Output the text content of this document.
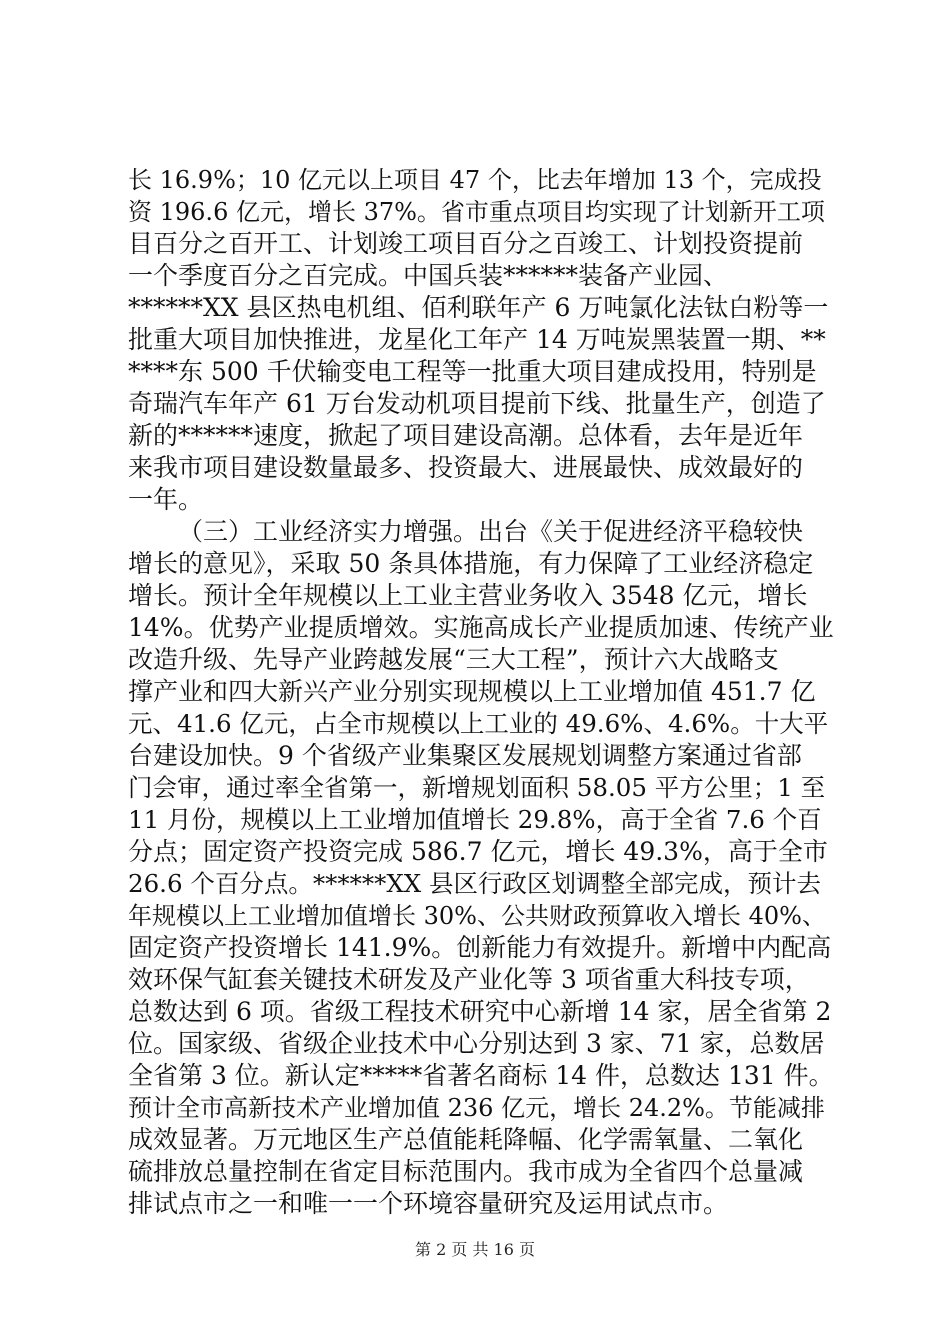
长 16.9%；10 亿元以上项目 47 个，比去年增加 13 个，完成投
资 196.6 亿元，增长 37%。省市重点项目均实现了计划新开工项
目百分之百开工、计划竣工项目百分之百竣工、计划投资提前
一个季度百分之百完成。中国兵装******装备产业园、
******XX 县区热电机组、佰利联年产 6 万吨氯化法钛白粉等一
批重大项目加快推进，龙星化工年产 14 万吨炭黑装置一期、**
****东 500 千伏输变电工程等一批重大项目建成投用，特别是
奇瑞汽车年产 61 万台发动机项目提前下线、批量生产，创造了
新的******速度，掀起了项目建设高潮。总体看，去年是近年
来我市项目建设数量最多、投资最大、进展最快、成效最好的
一年。
（三）工业经济实力增强。出台《关于促进经济平稳较快
增长的意见》，采取 50 条具体措施，有力保障了工业经济稳定
增长。预计全年规模以上工业主营业务收入 3548 亿元，增长
14%。优势产业提质增效。实施高成长产业提质加速、传统产业
改造升级、先导产业跨越发展“三大工程”，预计六大战略支
撑产业和四大新兴产业分别实现规模以上工业增加值 451.7 亿
元、41.6 亿元，占全市规模以上工业的 49.6%、4.6%。十大平
台建设加快。9 个省级产业集聚区发展规划调整方案通过省部
门会审，通过率全省第一，新增规划面积 58.05 平方公里；1 至
11 月份，规模以上工业增加值增长 29.8%，高于全省 7.6 个百
分点；固定资产投资完成 586.7 亿元，增长 49.3%，高于全市
26.6 个百分点。******XX 县区行政区划调整全部完成，预计去
年规模以上工业增加值增长 30%、公共财政预算收入增长 40%、
固定资产投资增长 141.9%。创新能力有效提升。新增中内配高
效环保气缸套关键技术研发及产业化等 3 项省重大科技专项，
总数达到 6 项。省级工程技术研究中心新增 14 家，居全省第 2
位。国家级、省级企业技术中心分别达到 3 家、71 家，总数居
全省第 3 位。新认定*****省著名商标 14 件，总数达 131 件。
预计全市高新技术产业增加值 236 亿元，增长 24.2%。节能减排
成效显著。万元地区生产总值能耗降幅、化学需氧量、二氧化
硫排放总量控制在省定目标范围内。我市成为全省四个总量减
排试点市之一和唯一一个环境容量研究及运用试点市。
第 2 页 共 16 页
